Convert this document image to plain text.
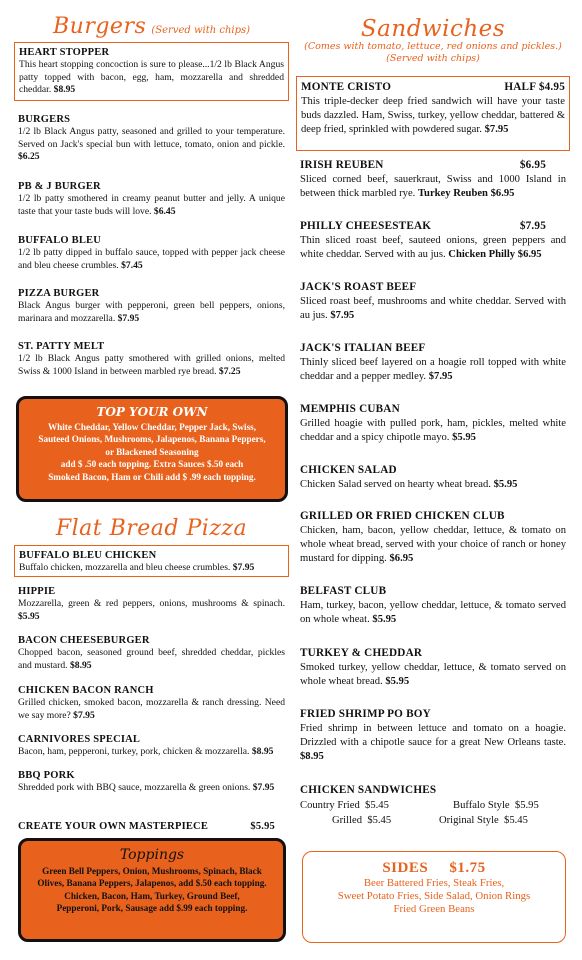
Burgers (Served with chips)
HEART STOPPER
This heart stopping concoction is sure to please...1/2 lb Black Angus patty topped with bacon, egg, ham, mozzarella and shredded cheddar. $8.95
BURGERS
1/2 lb Black Angus patty, seasoned and grilled to your temperature. Served on Jack's special bun with lettuce, tomato, onion and pickle. $6.25
PB & J BURGER
1/2 lb patty smothered in creamy peanut butter and jelly. A unique taste that your taste buds will love. $6.45
BUFFALO BLEU
1/2 lb patty dipped in buffalo sauce, topped with pepper jack cheese and bleu cheese crumbles. $7.45
PIZZA BURGER
Black Angus burger with pepperoni, green bell peppers, onions, marinara and mozzarella. $7.95
ST. PATTY MELT
1/2 lb Black Angus patty smothered with grilled onions, melted Swiss & 1000 Island in between marbled rye bread. $7.25
TOP YOUR OWN
White Cheddar, Yellow Cheddar, Pepper Jack, Swiss,
Sauteed Onions, Mushrooms, Jalapenos, Banana Peppers,
or Blackened Seasoning
add $ .50 each topping. Extra Sauces $.50 each
Smoked Bacon, Ham or Chili add $ .99 each topping.
Flat Bread Pizza
BUFFALO BLEU CHICKEN
Buffalo chicken, mozzarella and bleu cheese crumbles. $7.95
HIPPIE
Mozzarella, green & red peppers, onions, mushrooms & spinach. $5.95
BACON CHEESEBURGER
Chopped bacon, seasoned ground beef, shredded cheddar, pickles and mustard. $8.95
CHICKEN BACON RANCH
Grilled chicken, smoked bacon, mozzarella & ranch dressing. Need we say more? $7.95
CARNIVORES SPECIAL
Bacon, ham, pepperoni, turkey, pork, chicken & mozzarella. $8.95
BBQ PORK
Shredded pork with BBQ sauce, mozzarella & green onions. $7.95
CREATE YOUR OWN MASTERPIECE	$5.95
Toppings
Green Bell Peppers, Onion, Mushrooms, Spinach, Black
Olives, Banana Peppers, Jalapenos, add $.50 each topping.
Chicken, Bacon, Ham, Turkey, Ground Beef,
Pepperoni, Pork, Sausage add $.99 each topping.
Sandwiches
(Comes with tomato, lettuce, red onions and pickles.)
(Served with chips)
MONTE CRISTO	HALF $4.95
This triple-decker deep fried sandwich will have your taste buds dazzled. Ham, Swiss, turkey, yellow cheddar, battered & deep fried, sprinkled with powdered sugar. $7.95
IRISH REUBEN	$6.95
Sliced corned beef, sauerkraut, Swiss and 1000 Island in between thick marbled rye. Turkey Reuben $6.95
PHILLY CHEESESTEAK	$7.95
Thin sliced roast beef, sauteed onions, green peppers and white cheddar. Served with au jus. Chicken Philly $6.95
JACK'S ROAST BEEF
Sliced roast beef, mushrooms and white cheddar. Served with au jus. $7.95
JACK'S ITALIAN BEEF
Thinly sliced beef layered on a hoagie roll topped with white cheddar and a pepper medley. $7.95
MEMPHIS CUBAN
Grilled hoagie with pulled pork, ham, pickles, melted white cheddar and a spicy chipotle mayo. $5.95
CHICKEN SALAD
Chicken Salad served on hearty wheat bread. $5.95
GRILLED OR FRIED CHICKEN CLUB
Chicken, ham, bacon, yellow cheddar, lettuce, & tomato on whole wheat bread, served with your choice of ranch or honey mustard for dipping. $6.95
BELFAST CLUB
Ham, turkey, bacon, yellow cheddar, lettuce, & tomato served on whole wheat. $5.95
TURKEY & CHEDDAR
Smoked turkey, yellow cheddar, lettuce, & tomato served on whole wheat bread. $5.95
FRIED SHRIMP PO BOY
Fried shrimp in between lettuce and tomato on a hoagie. Drizzled with a chipotle sauce for a great New Orleans taste. $8.95
CHICKEN SANDWICHES
Country Fried $5.45	Buffalo Style $5.95
Grilled $5.45	Original Style $5.45
SIDES $1.75
Beer Battered Fries, Steak Fries,
Sweet Potato Fries, Side Salad, Onion Rings
Fried Green Beans
